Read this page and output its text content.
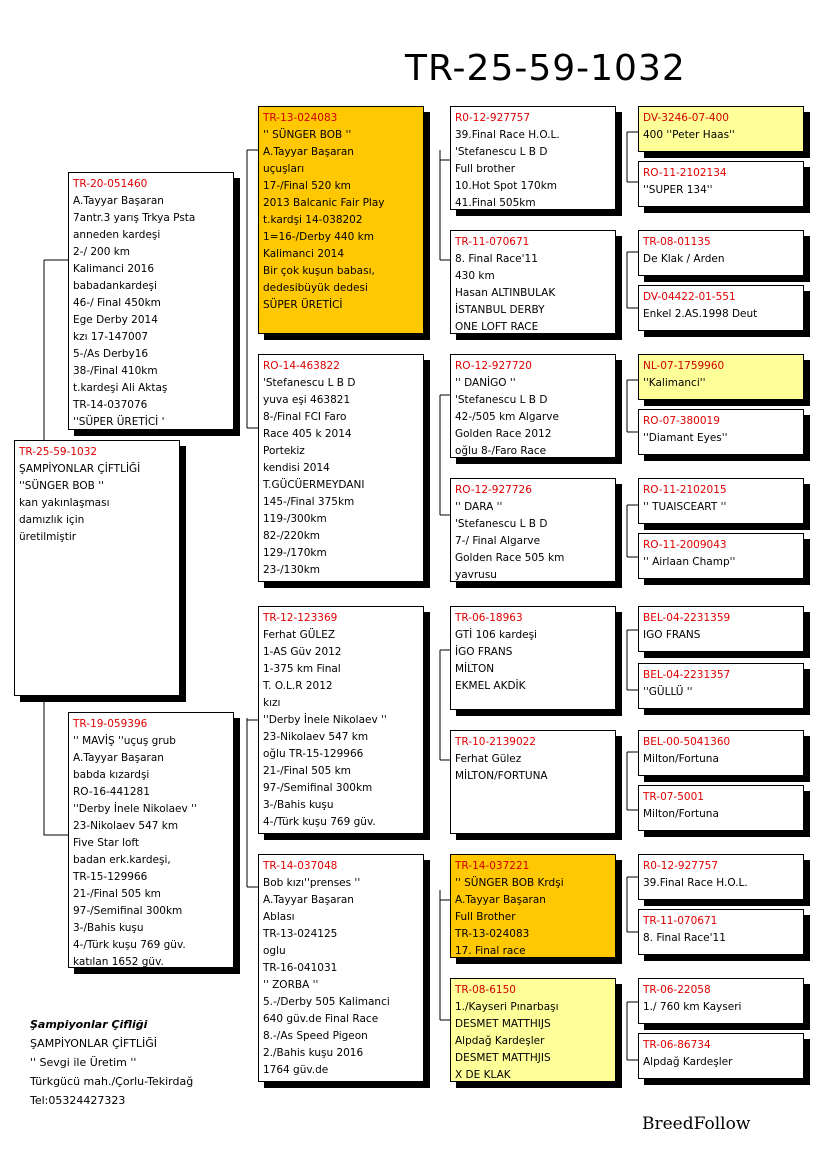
TR-25-59-1032
TR-25-59-1032
ŞAMPİYONLAR ÇİFTLİĞİ
''SÜNGER BOB ''
kan yakınlaşması
damızlık için
üretilmiştir
TR-20-051460
A.Tayyar Başaran
7antr.3 yarış Trkya Psta
anneden kardeşi
2-/ 200 km
Kalimanci 2016
babadankardeşi
46-/ Final 450km
Ege Derby 2014
kzı 17-147007
5-/As Derby16
38-/Final 410km
t.kardeşi Ali Aktaş
TR-14-037076
''SÜPER ÜRETİCİ '
TR-19-059396
'' MAVİŞ ''uçuş grub
A.Tayyar Başaran
babda kızardşi
RO-16-441281
''Derby İnele Nikolaev ''
23-Nikolaev 547 km
Five Star loft
badan erk.kardeşi,
TR-15-129966
21-/Final 505 km
97-/Semifinal 300km
3-/Bahis kuşu
4-/Türk kuşu 769 güv.
katılan 1652 güv.
TR-13-024083
'' SÜNGER BOB ''
A.Tayyar Başaran
uçuşları
17-/Final 520 km
2013 Balcanic Fair Play
t.kardşi 14-038202
1=16-/Derby 440 km
Kalimanci 2014
Bir çok kuşun babası,
dedesibüyük dedesi
SÜPER ÜRETİCİ
RO-14-463822
'Stefanescu L B D
yuva eşi 463821
8-/Final FCI Faro
Race 405 k 2014
Portekiz
kendisi 2014
T.GÜCÜERMEYDANI
145-/Final 375km
119-/300km
82-/220km
129-/170km
23-/130km
TR-12-123369
Ferhat GÜLEZ
1-AS Güv 2012
1-375 km Final
T. O.L.R 2012
kızı
''Derby İnele Nikolaev ''
23-Nikolaev 547 km
oğlu TR-15-129966
21-/Final 505 km
97-/Semifinal 300km
3-/Bahis kuşu
4-/Türk kuşu 769 güv.
TR-14-037048
Bob kızı''prenses ''
A.Tayyar Başaran
Ablası
TR-13-024125
oglu
TR-16-041031
'' ZORBA ''
5.-/Derby 505 Kalimanci
640 güv.de Final Race
8.-/As Speed Pigeon
2./Bahis kuşu 2016
1764 güv.de
R0-12-927757
39.Final Race H.O.L.
'Stefanescu L B D
Full brother
10.Hot Spot 170km
41.Final 505km
TR-11-070671
8. Final Race'11
430 km
Hasan ALTINBULAK
İSTANBUL DERBY
ONE LOFT RACE
RO-12-927720
'' DANİGO ''
'Stefanescu L B D
42-/505 km Algarve
Golden Race 2012
oğlu 8-/Faro Race
RO-12-927726
'' DARA ''
'Stefanescu L B D
7-/ Final Algarve
Golden Race 505 km
yavrusu
TR-06-18963
GTİ 106 kardeşi
İGO FRANS
MİLTON
EKMEL AKDİK
TR-10-2139022
Ferhat Gülez
MİLTON/FORTUNA
TR-14-037221
'' SÜNGER BOB Krdşi
A.Tayyar Başaran
Full Brother
TR-13-024083
17. Final race
TR-08-6150
1./Kayseri Pınarbaşı
DESMET MATTHIJS
Alpdağ Kardeşler
DESMET MATTHJIS
X DE KLAK
DV-3246-07-400
400 ''Peter Haas''
RO-11-2102134
''SUPER 134''
TR-08-01135
De Klak / Arden
DV-04422-01-551
Enkel 2.AS.1998 Deut
NL-07-1759960
''Kalimanci''
RO-07-380019
''Diamant Eyes''
RO-11-2102015
'' TUAISCEART ''
RO-11-2009043
'' Airlaan Champ''
BEL-04-2231359
IGO FRANS
BEL-04-2231357
''GÜLLÜ ''
BEL-00-5041360
Milton/Fortuna
TR-07-5001
Milton/Fortuna
R0-12-927757
39.Final Race H.O.L.
TR-11-070671
8. Final Race'11
TR-06-22058
1./ 760 km Kayseri
TR-06-86734
Alpdağ Kardeşler
Şampiyonlar Çifliği
ŞAMPİYONLAR ÇİFTLİĞİ
'' Sevgi ile Üretim ''
Türkgücü mah./Çorlu-Tekirdağ
Tel:05324427323
BreedFollow
